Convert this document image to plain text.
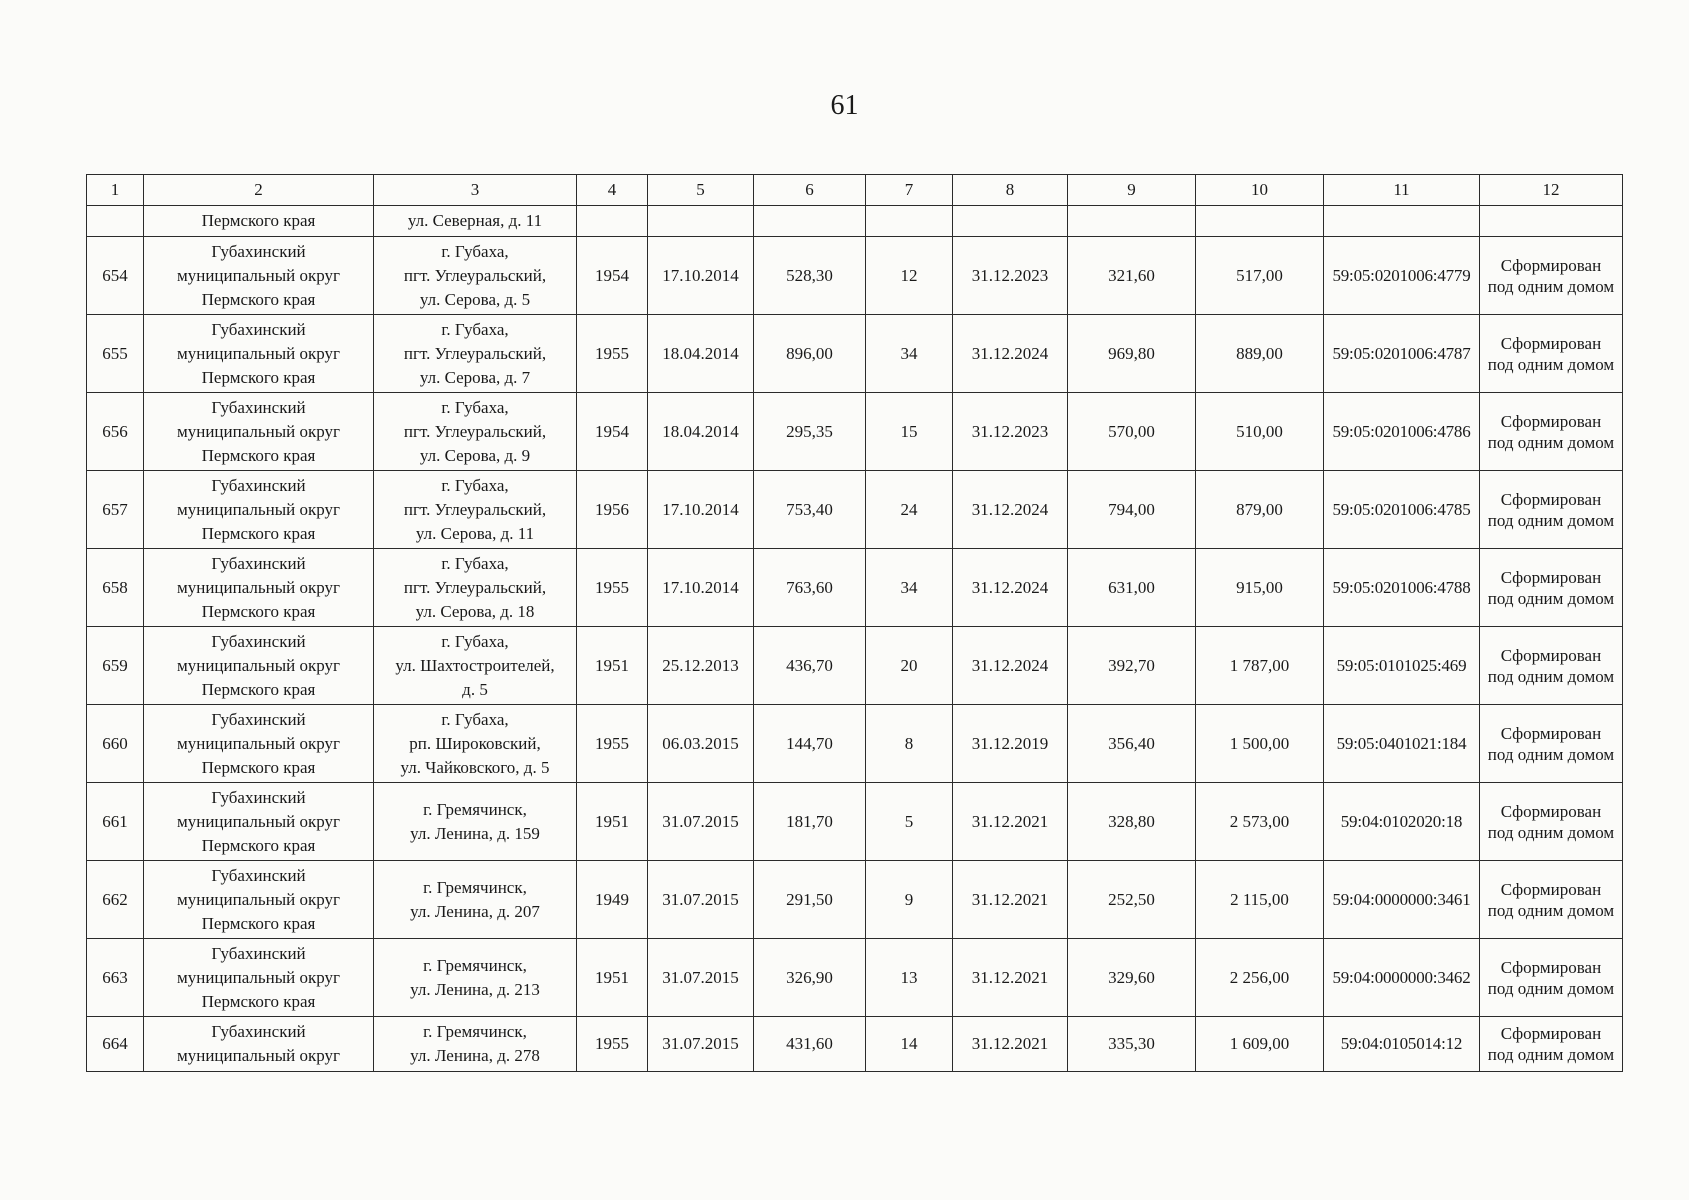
61
1	2	3	4	5	6	7	8	9	10	11	12

	Пермского края	ул. Северная, д. 11									

654	Губахинский
муниципальный округ
Пермского края	г. Губаха,
пгт. Углеуральский,
ул. Серова, д. 5	1954	17.10.2014	528,30	12	31.12.2023	321,60	517,00	59:05:0201006:4779	Сформирован
под одним домом

655	Губахинский
муниципальный округ
Пермского края	г. Губаха,
пгт. Углеуральский,
ул. Серова, д. 7	1955	18.04.2014	896,00	34	31.12.2024	969,80	889,00	59:05:0201006:4787	Сформирован
под одним домом

656	Губахинский
муниципальный округ
Пермского края	г. Губаха,
пгт. Углеуральский,
ул. Серова, д. 9	1954	18.04.2014	295,35	15	31.12.2023	570,00	510,00	59:05:0201006:4786	Сформирован
под одним домом

657	Губахинский
муниципальный округ
Пермского края	г. Губаха,
пгт. Углеуральский,
ул. Серова, д. 11	1956	17.10.2014	753,40	24	31.12.2024	794,00	879,00	59:05:0201006:4785	Сформирован
под одним домом

658	Губахинский
муниципальный округ
Пермского края	г. Губаха,
пгт. Углеуральский,
ул. Серова, д. 18	1955	17.10.2014	763,60	34	31.12.2024	631,00	915,00	59:05:0201006:4788	Сформирован
под одним домом

659	Губахинский
муниципальный округ
Пермского края	г. Губаха,
ул. Шахтостроителей,
д. 5	1951	25.12.2013	436,70	20	31.12.2024	392,70	1 787,00	59:05:0101025:469	Сформирован
под одним домом

660	Губахинский
муниципальный округ
Пермского края	г. Губаха,
рп. Широковский,
ул. Чайковского, д. 5	1955	06.03.2015	144,70	8	31.12.2019	356,40	1 500,00	59:05:0401021:184	Сформирован
под одним домом

661	Губахинский
муниципальный округ
Пермского края	г. Гремячинск,
ул. Ленина, д. 159	1951	31.07.2015	181,70	5	31.12.2021	328,80	2 573,00	59:04:0102020:18	Сформирован
под одним домом

662	Губахинский
муниципальный округ
Пермского края	г. Гремячинск,
ул. Ленина, д. 207	1949	31.07.2015	291,50	9	31.12.2021	252,50	2 115,00	59:04:0000000:3461	Сформирован
под одним домом

663	Губахинский
муниципальный округ
Пермского края	г. Гремячинск,
ул. Ленина, д. 213	1951	31.07.2015	326,90	13	31.12.2021	329,60	2 256,00	59:04:0000000:3462	Сформирован
под одним домом

664	Губахинский
муниципальный округ	г. Гремячинск,
ул. Ленина, д. 278	1955	31.07.2015	431,60	14	31.12.2021	335,30	1 609,00	59:04:0105014:12	Сформирован
под одним домом
